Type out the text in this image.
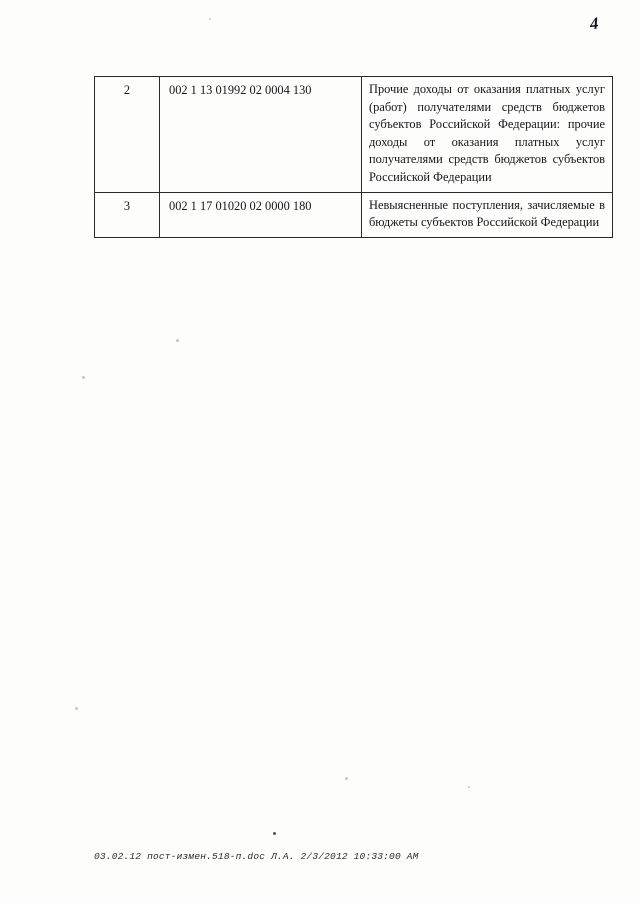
4
2	002 1 13 01992 02 0004 130	Прочие доходы от оказания платных услуг (работ) получателями средств бюджетов субъектов Российской Федерации: прочие доходы от оказания платных услуг получателями средств бюджетов субъектов Российской Федерации
3	002 1 17 01020 02 0000 180	Невыясненные поступления, зачисляемые в бюджеты субъектов Российской Федерации
03.02.12 пост-измен.518-п.doc Л.А. 2/3/2012 10:33:00 AM
